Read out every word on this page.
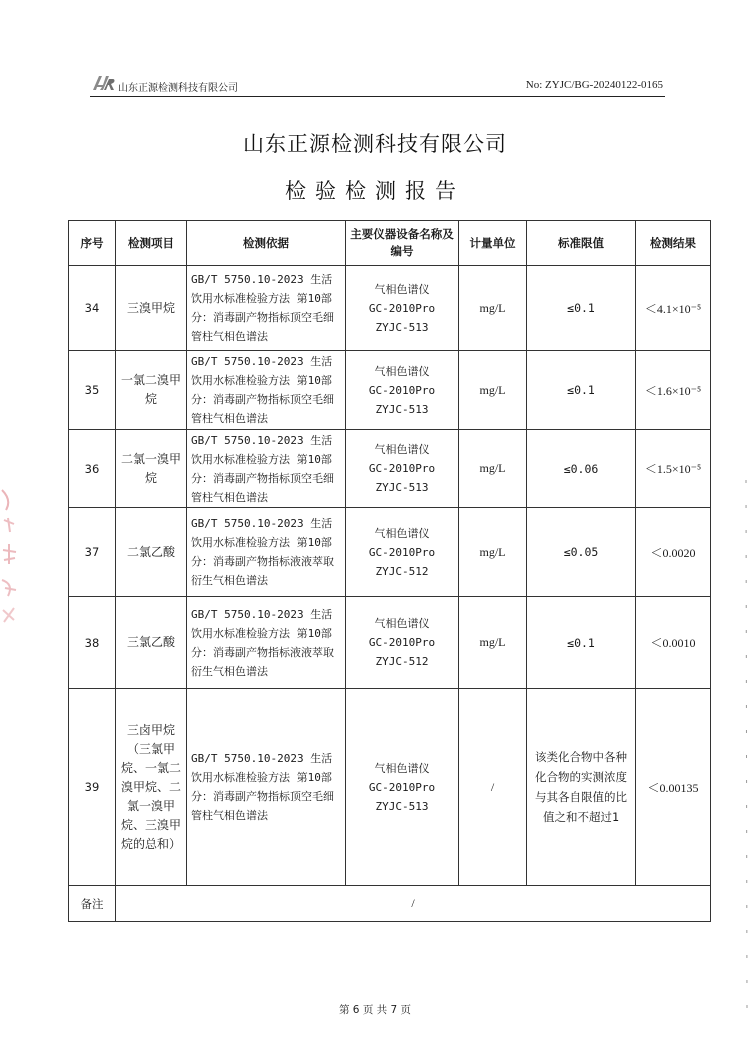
山东正源检测科技有限公司	No: ZYJC/BG-20240122-0165
山东正源检测科技有限公司
检验检测报告
序号	检测项目	检测依据	主要仪器设备名称及编号	计量单位	标准限值	检测结果
34	三溴甲烷	GB/T 5750.10-2023 生活饮用水标准检验方法 第10部分：消毒副产物指标顶空毛细管柱气相色谱法	气相色谱仪
GC-2010Pro
ZYJC-513	mg/L	≤0.1	＜4.1×10⁻⁵
35	一氯二溴甲烷	GB/T 5750.10-2023 生活饮用水标准检验方法 第10部分：消毒副产物指标顶空毛细管柱气相色谱法	气相色谱仪
GC-2010Pro
ZYJC-513	mg/L	≤0.1	＜1.6×10⁻⁵
36	二氯一溴甲烷	GB/T 5750.10-2023 生活饮用水标准检验方法 第10部分：消毒副产物指标顶空毛细管柱气相色谱法	气相色谱仪
GC-2010Pro
ZYJC-513	mg/L	≤0.06	＜1.5×10⁻⁵
37	二氯乙酸	GB/T 5750.10-2023 生活饮用水标准检验方法 第10部分：消毒副产物指标液液萃取衍生气相色谱法	气相色谱仪
GC-2010Pro
ZYJC-512	mg/L	≤0.05	＜0.0020
38	三氯乙酸	GB/T 5750.10-2023 生活饮用水标准检验方法 第10部分：消毒副产物指标液液萃取衍生气相色谱法	气相色谱仪
GC-2010Pro
ZYJC-512	mg/L	≤0.1	＜0.0010
39	三卤甲烷（三氯甲烷、一氯二溴甲烷、二氯一溴甲烷、三溴甲烷的总和）	GB/T 5750.10-2023 生活饮用水标准检验方法 第10部分：消毒副产物指标顶空毛细管柱气相色谱法	气相色谱仪
GC-2010Pro
ZYJC-513	/	该类化合物中各种化合物的实测浓度与其各自限值的比值之和不超过1	＜0.00135
备注	/					
第 6 页 共 7 页
